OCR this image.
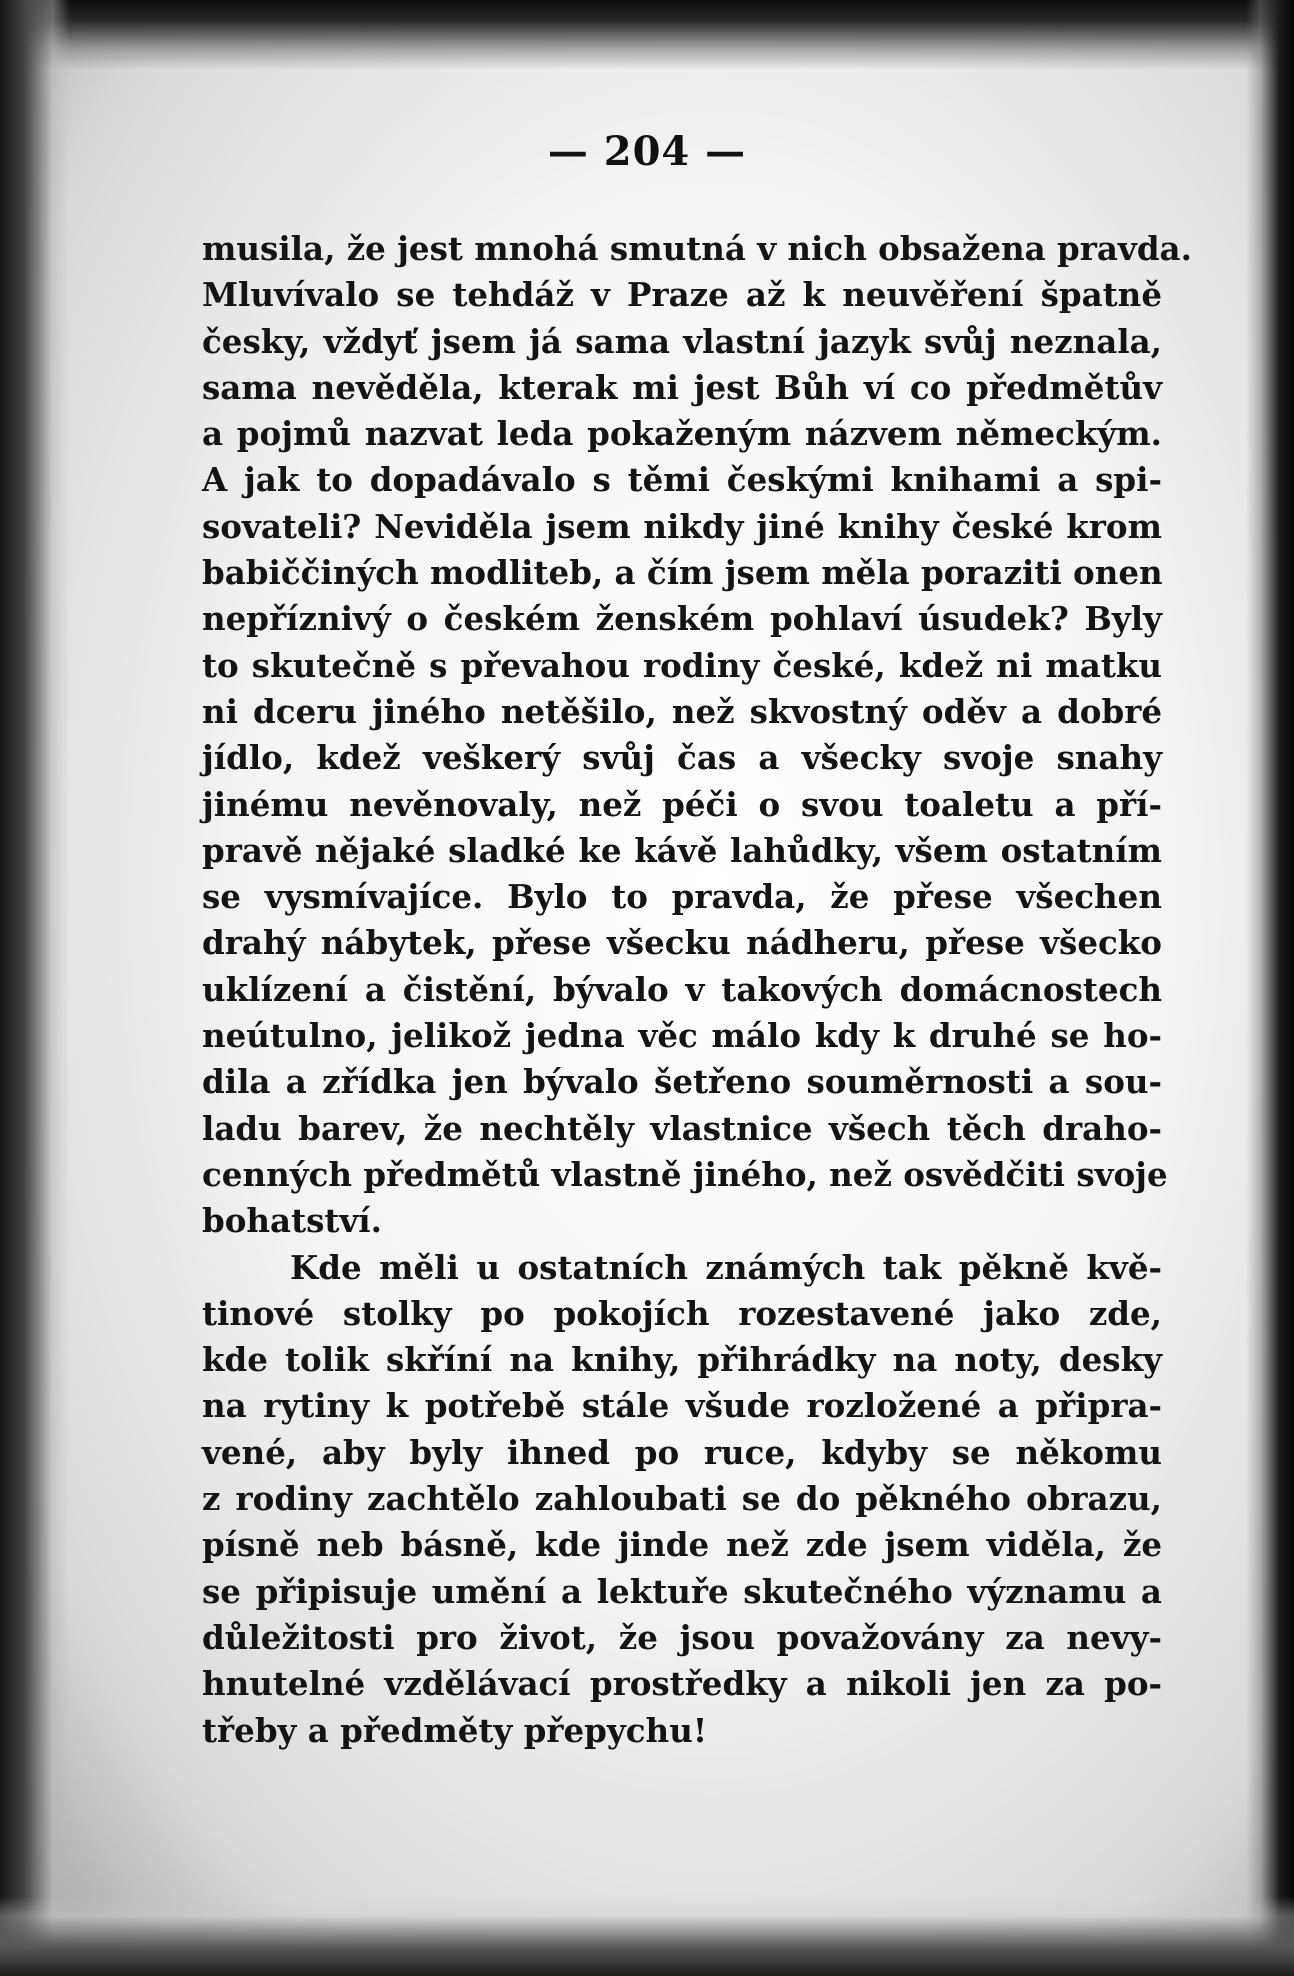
— 204 —
musila, že jest mnohá smutná v nich obsažena pravda.
Mluvívalo se tehdáž v Praze až k neuvěření špatně
česky, vždyť jsem já sama vlastní jazyk svůj neznala,
sama nevěděla, kterak mi jest Bůh ví co předmětův
a pojmů nazvat leda pokaženým názvem německým.
A jak to dopadávalo s těmi českými knihami a spi-
sovateli? Neviděla jsem nikdy jiné knihy české krom
babiččiných modliteb, a čím jsem měla poraziti onen
nepříznivý o českém ženském pohlaví úsudek? Byly
to skutečně s převahou rodiny české, kdež ni matku
ni dceru jiného netěšilo, než skvostný oděv a dobré
jídlo, kdež veškerý svůj čas a všecky svoje snahy
jinému nevěnovaly, než péči o svou toaletu a pří-
pravě nějaké sladké ke kávě lahůdky, všem ostatním
se vysmívajíce. Bylo to pravda, že přese všechen
drahý nábytek, přese všecku nádheru, přese všecko
uklízení a čistění, bývalo v takových domácnostech
neútulno, jelikož jedna věc málo kdy k druhé se ho-
dila a zřídka jen bývalo šetřeno souměrnosti a sou-
ladu barev, že nechtěly vlastnice všech těch draho-
cenných předmětů vlastně jiného, než osvědčiti svoje
bohatství.
Kde měli u ostatních známých tak pěkně kvě-
tinové stolky po pokojích rozestavené jako zde,
kde tolik skříní na knihy, přihrádky na noty, desky
na rytiny k potřebě stále všude rozložené a připra-
vené, aby byly ihned po ruce, kdyby se někomu
z rodiny zachtělo zahloubati se do pěkného obrazu,
písně neb básně, kde jinde než zde jsem viděla, že
se připisuje umění a lektuře skutečného významu a
důležitosti pro život, že jsou považovány za nevy-
hnutelné vzdělávací prostředky a nikoli jen za po-
třeby a předměty přepychu!
